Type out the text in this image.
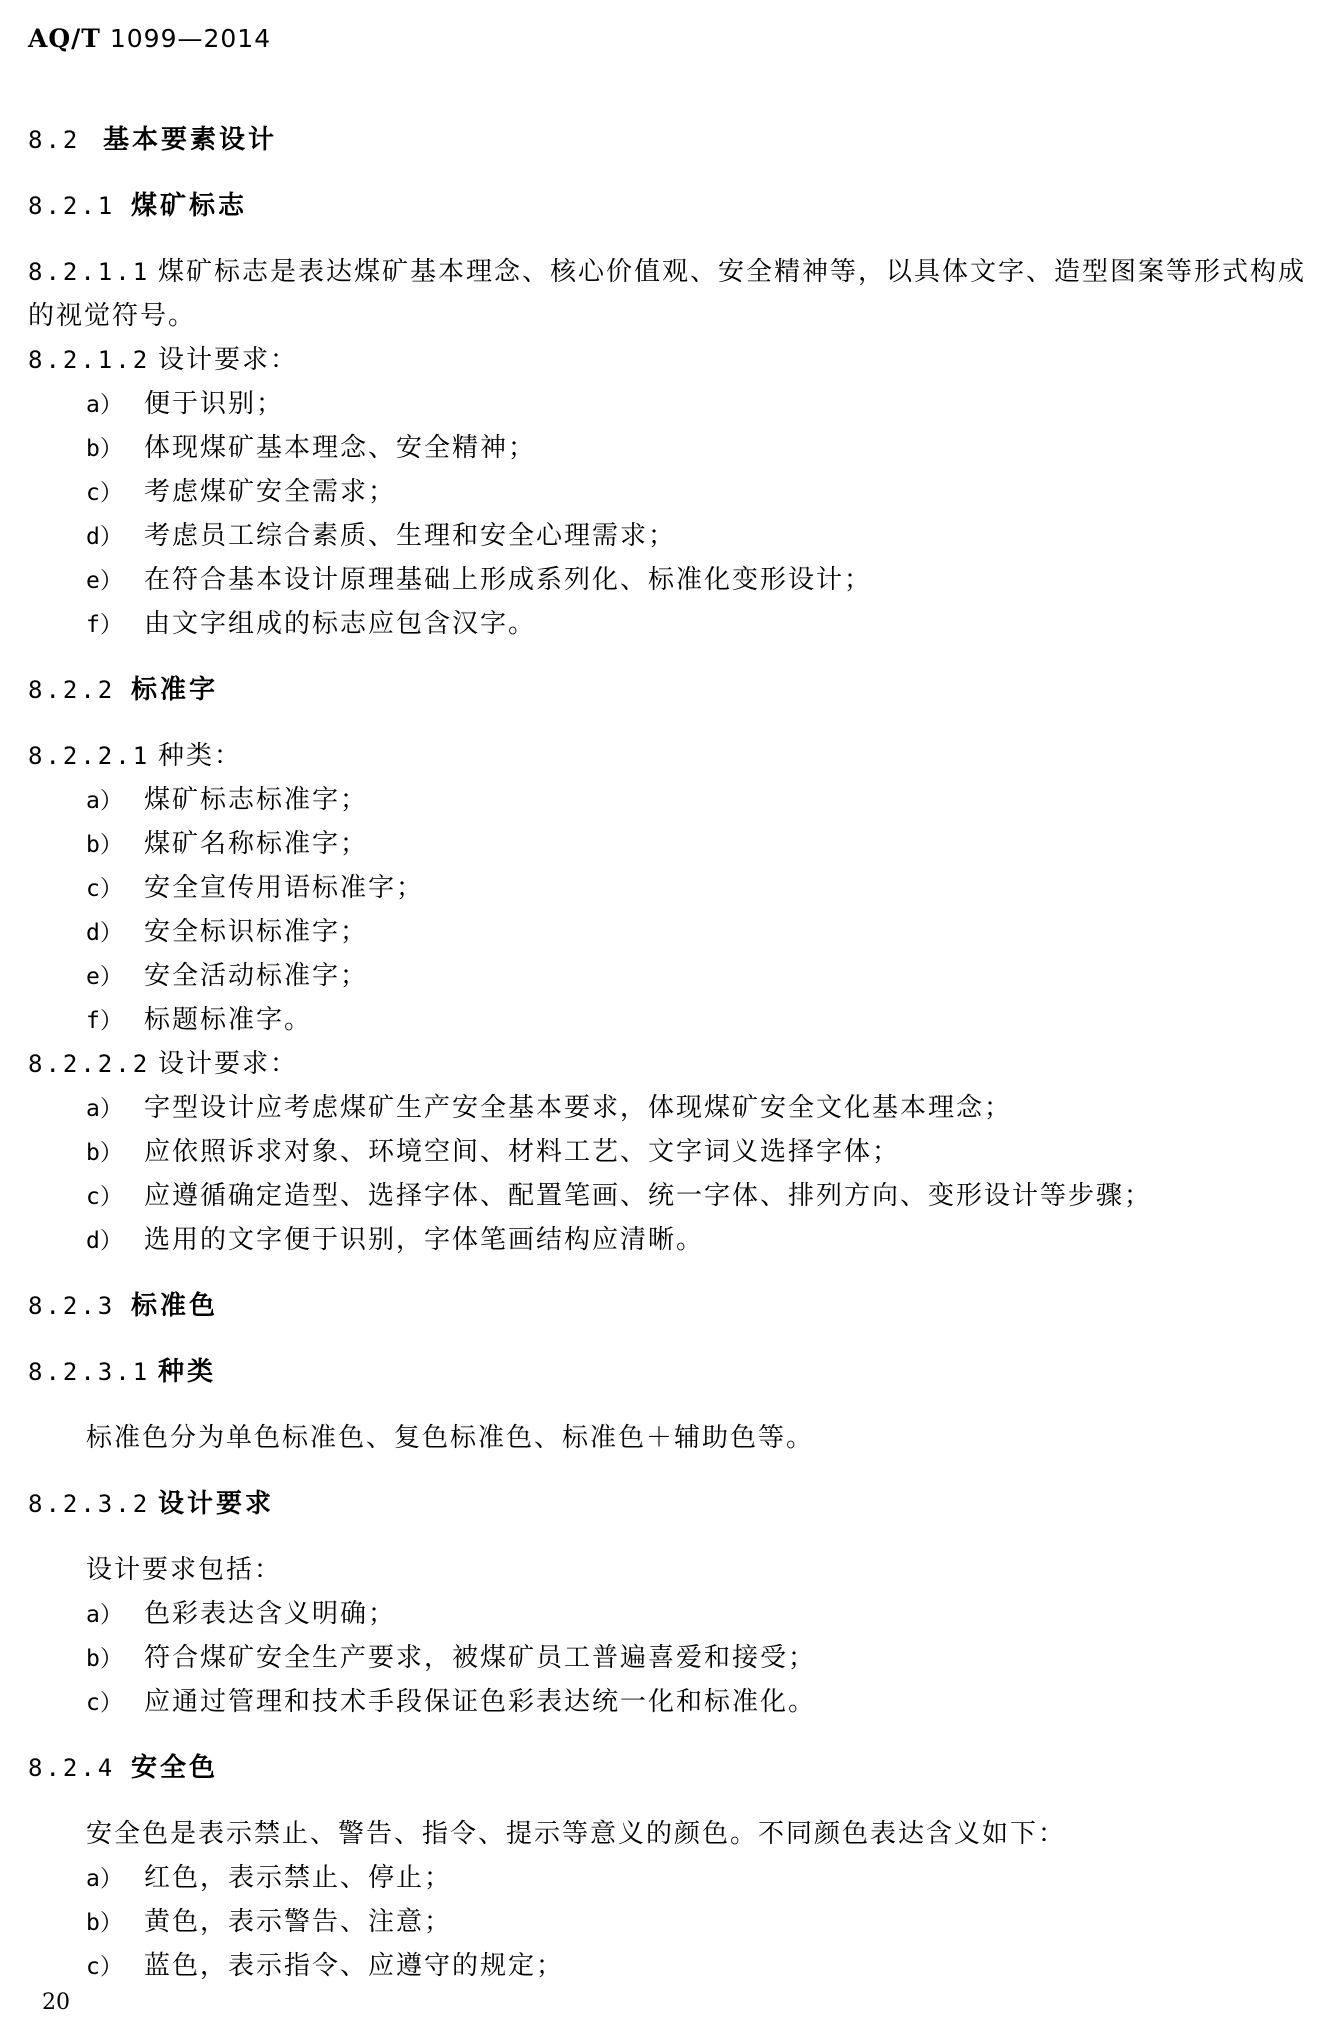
AQ/T 1099—2014
8.2 基本要素设计
8.2.1 煤矿标志
8.2.1.1 煤矿标志是表达煤矿基本理念、核心价值观、安全精神等，以具体文字、造型图案等形式构成的视觉符号。
8.2.1.2 设计要求：
a） 便于识别；
b） 体现煤矿基本理念、安全精神；
c） 考虑煤矿安全需求；
d） 考虑员工综合素质、生理和安全心理需求；
e） 在符合基本设计原理基础上形成系列化、标准化变形设计；
f） 由文字组成的标志应包含汉字。
8.2.2 标准字
8.2.2.1 种类：
a） 煤矿标志标准字；
b） 煤矿名称标准字；
c） 安全宣传用语标准字；
d） 安全标识标准字；
e） 安全活动标准字；
f） 标题标准字。
8.2.2.2 设计要求：
a） 字型设计应考虑煤矿生产安全基本要求，体现煤矿安全文化基本理念；
b） 应依照诉求对象、环境空间、材料工艺、文字词义选择字体；
c） 应遵循确定造型、选择字体、配置笔画、统一字体、排列方向、变形设计等步骤；
d） 选用的文字便于识别，字体笔画结构应清晰。
8.2.3 标准色
8.2.3.1 种类
标准色分为单色标准色、复色标准色、标准色＋辅助色等。
8.2.3.2 设计要求
设计要求包括：
a） 色彩表达含义明确；
b） 符合煤矿安全生产要求，被煤矿员工普遍喜爱和接受；
c） 应通过管理和技术手段保证色彩表达统一化和标准化。
8.2.4 安全色
安全色是表示禁止、警告、指令、提示等意义的颜色。不同颜色表达含义如下：
a） 红色，表示禁止、停止；
b） 黄色，表示警告、注意；
c） 蓝色，表示指令、应遵守的规定；
20
